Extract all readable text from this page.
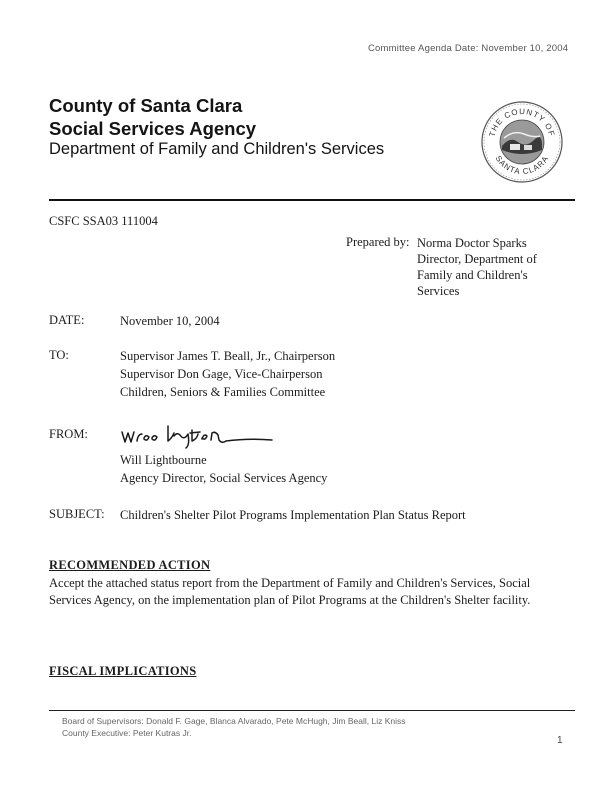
Committee Agenda Date: November 10, 2004
County of Santa Clara
Social Services Agency
Department of Family and Children's Services
THE COUNTY OF
SANTA CLARA
CSFC SSA03 111004
Prepared by: Norma Doctor Sparks
Director, Department of
Family and Children's
Services
DATE:	November 10, 2004
TO:	Supervisor James T. Beall, Jr., Chairperson
Supervisor Don Gage, Vice-Chairperson
Children, Seniors & Families Committee
FROM:
Will Lightbourne
Agency Director, Social Services Agency
SUBJECT: Children's Shelter Pilot Programs Implementation Plan Status Report
RECOMMENDED ACTION
Accept the attached status report from the Department of Family and Children's Services, Social Services Agency, on the implementation plan of Pilot Programs at the Children's Shelter facility.
FISCAL IMPLICATIONS
Board of Supervisors: Donald F. Gage, Blanca Alvarado, Pete McHugh, Jim Beall, Liz Kniss
County Executive: Peter Kutras Jr.
1
